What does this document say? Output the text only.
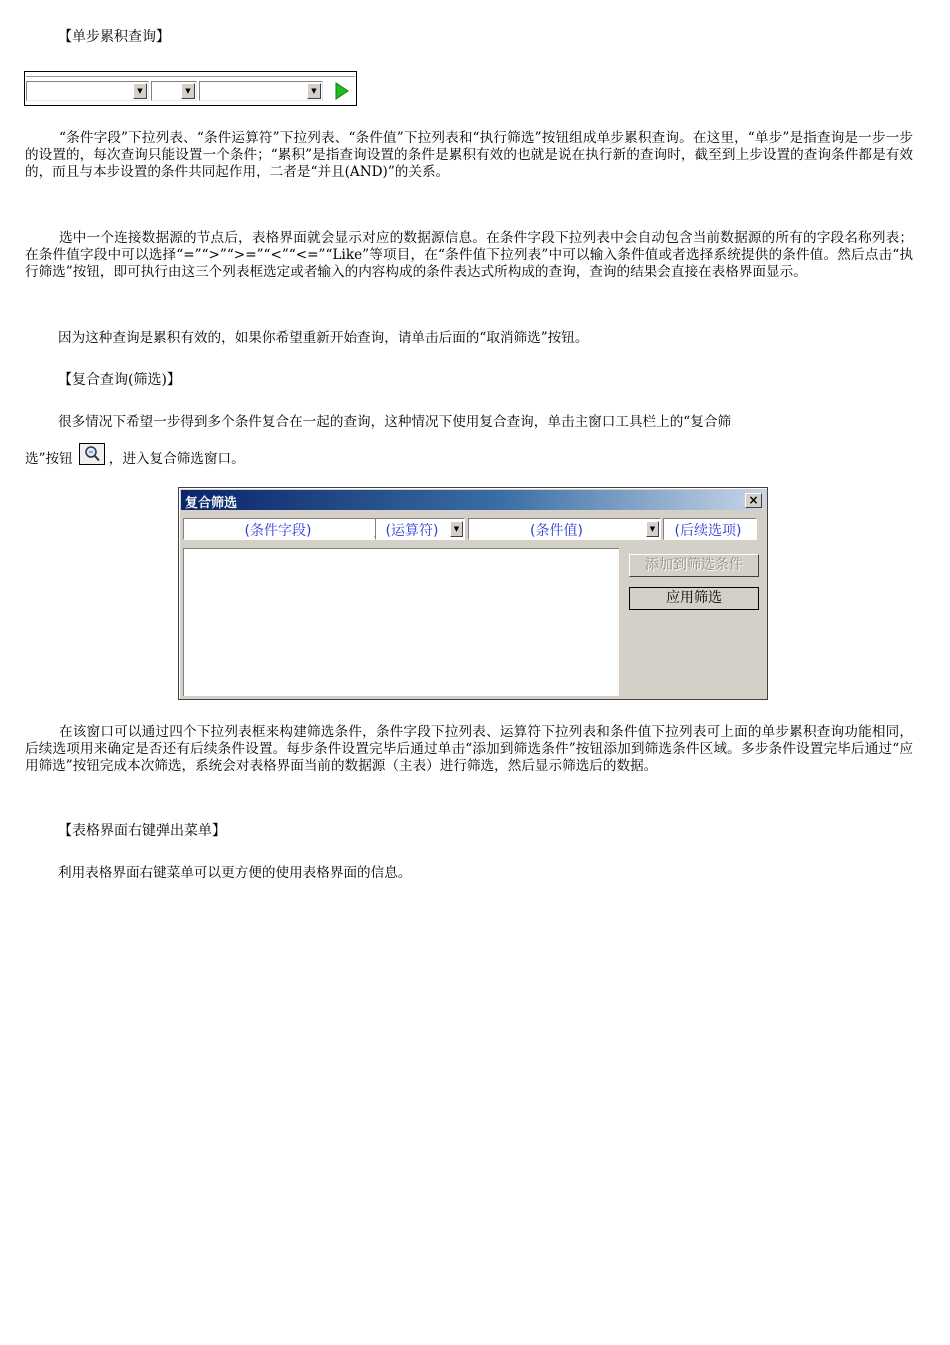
【单步累积查询】
▼	▼	▼
“条件字段”下拉列表、“条件运算符”下拉列表、“条件值”下拉列表和“执行筛选”按钮组成单步累积查询。在这里，“单步”是指查询是一步一步的设置的，每次查询只能设置一个条件；“累积”是指查询设置的条件是累积有效的也就是说在执行新的查询时，截至到上步设置的查询条件都是有效的，而且与本步设置的条件共同起作用，二者是“并且(AND)”的关系。
选中一个连接数据源的节点后，表格界面就会显示对应的数据源信息。在条件字段下拉列表中会自动包含当前数据源的所有的字段名称列表；在条件值字段中可以选择“=”“>”“>=”“<”“<=”“Like”等项目，在“条件值下拉列表”中可以输入条件值或者选择系统提供的条件值。然后点击“执行筛选”按钮，即可执行由这三个列表框选定或者输入的内容构成的条件表达式所构成的查询，查询的结果会直接在表格界面显示。
因为这种查询是累积有效的，如果你希望重新开始查询，请单击后面的“取消筛选”按钮。
【复合查询(筛选)】
很多情况下希望一步得到多个条件复合在一起的查询，这种情况下使用复合查询，单击主窗口工具栏上的“复合筛
选”按钮	，进入复合筛选窗口。
复合筛选	×
(条件字段)	(运算符)	▼	(条件值)	▼	(后续选项)
添加到筛选条件
应用筛选
在该窗口可以通过四个下拉列表框来构建筛选条件，条件字段下拉列表、运算符下拉列表和条件值下拉列表可上面的单步累积查询功能相同，后续选项用来确定是否还有后续条件设置。每步条件设置完毕后通过单击“添加到筛选条件”按钮添加到筛选条件区域。多步条件设置完毕后通过“应用筛选”按钮完成本次筛选，系统会对表格界面当前的数据源（主表）进行筛选，然后显示筛选后的数据。
【表格界面右键弹出菜单】
利用表格界面右键菜单可以更方便的使用表格界面的信息。
